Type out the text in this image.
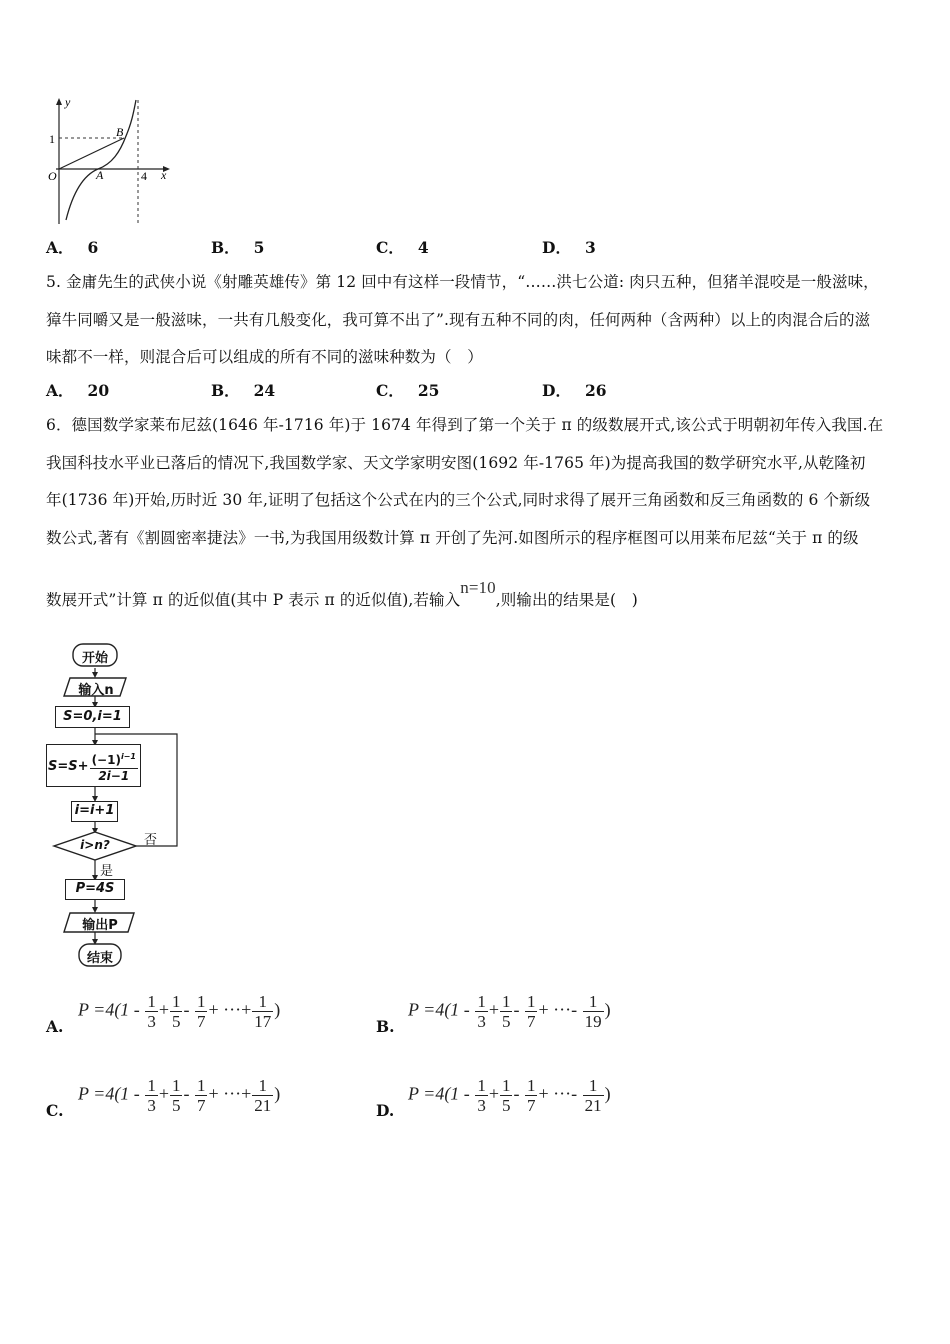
y
x
O
1
4
A
B
A． 6	B． 5	C． 4	D． 3
5. 金庸先生的武侠小说《射雕英雄传》第 12 回中有这样一段情节，“……洪七公道: 肉只五种，但猪羊混咬是一般滋味，
獐牛同嚼又是一般滋味，一共有几般变化，我可算不出了”.现有五种不同的肉，任何两种（含两种）以上的肉混合后的滋
味都不一样，则混合后可以组成的所有不同的滋味种数为（　）
A． 20	B． 24	C． 25	D． 26
6．德国数学家莱布尼兹(1646 年-1716 年)于 1674 年得到了第一个关于 π 的级数展开式,该公式于明朝初年传入我国.在
我国科技水平业已落后的情况下,我国数学家、天文学家明安图(1692 年-1765 年)为提高我国的数学研究水平,从乾隆初
年(1736 年)开始,历时近 30 年,证明了包括这个公式在内的三个公式,同时求得了展开三角函数和反三角函数的 6 个新级
数公式,著有《割圆密率捷法》一书,为我国用级数计算 π 开创了先河.如图所示的程序框图可以用莱布尼兹“关于 π 的级
数展开式”计算 π 的近似值(其中 P 表示 π 的近似值),若输入n=10,则输出的结果是(　)
开始
输入n
S=0,i=1
$S=S+ \frac{(-1)^{i-1}}{2i-1}$
i=i+1
i>n?	否
是
P=4S
输出P
结束
A.
$P =4(1 - \frac{1}{3} + \frac{1}{5} - \frac{1}{7}$ + ···+ $\frac{1}{17}$ )
B.
$P =4(1 - \frac{1}{3} + \frac{1}{5} - \frac{1}{7}$ + ···- $\frac{1}{19}$ )
C.
$P =4(1 - \frac{1}{3} + \frac{1}{5} - \frac{1}{7}$ + ···+ $\frac{1}{21}$ )
D.
$P =4(1 - \frac{1}{3} + \frac{1}{5} - \frac{1}{7}$ + ···- $\frac{1}{21}$ )
